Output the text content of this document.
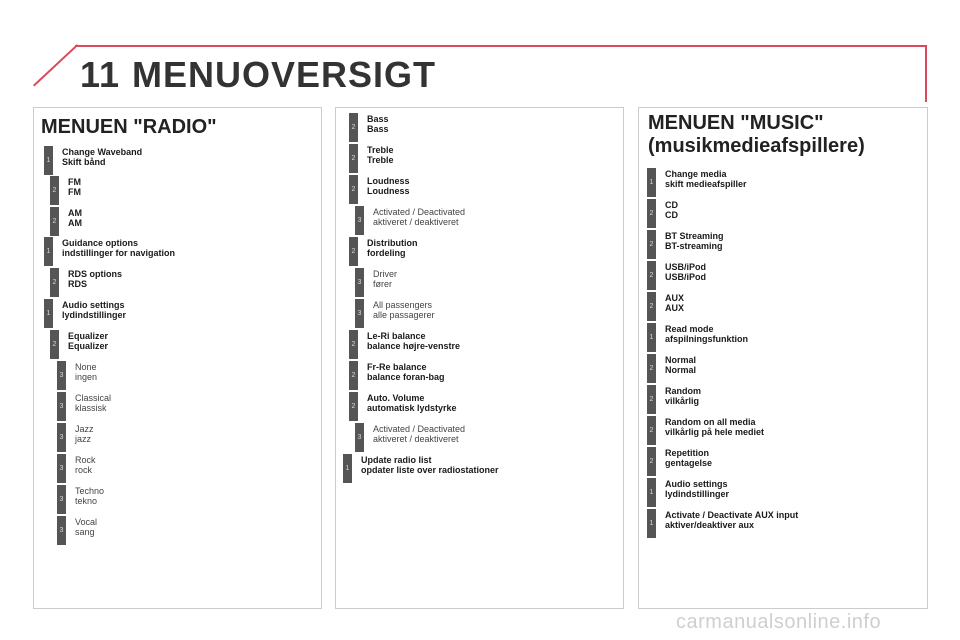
11 MENUOVERSIGT
MENUEN "RADIO"
1
Change Waveband
Skift bånd
2
FM
FM
2
AM
AM
1
Guidance options
indstillinger for navigation
2
RDS options
RDS
1
Audio settings
lydindstillinger
2
Equalizer
Equalizer
3
None
ingen
3
Classical
klassisk
3
Jazz
jazz
3
Rock
rock
3
Techno
tekno
3
Vocal
sang
2
Bass
Bass
2
Treble
Treble
2
Loudness
Loudness
3
Activated / Deactivated
aktiveret / deaktiveret
2
Distribution
fordeling
3
Driver
fører
3
All passengers
alle passagerer
2
Le-Ri balance
balance højre-venstre
2
Fr-Re balance
balance foran-bag
2
Auto. Volume
automatisk lydstyrke
3
Activated / Deactivated
aktiveret / deaktiveret
1
Update radio list
opdater liste over radiostationer
MENUEN "MUSIC"
(musikmedieafspillere)
1
Change media
skift medieafspiller
2
CD
CD
2
BT Streaming
BT-streaming
2
USB/iPod
USB/iPod
2
AUX
AUX
1
Read mode
afspilningsfunktion
2
Normal
Normal
2
Random
vilkårlig
2
Random on all media
vilkårlig på hele mediet
2
Repetition
gentagelse
1
Audio settings
lydindstillinger
1
Activate / Deactivate AUX input
aktiver/deaktiver aux
carmanualsonline.info
